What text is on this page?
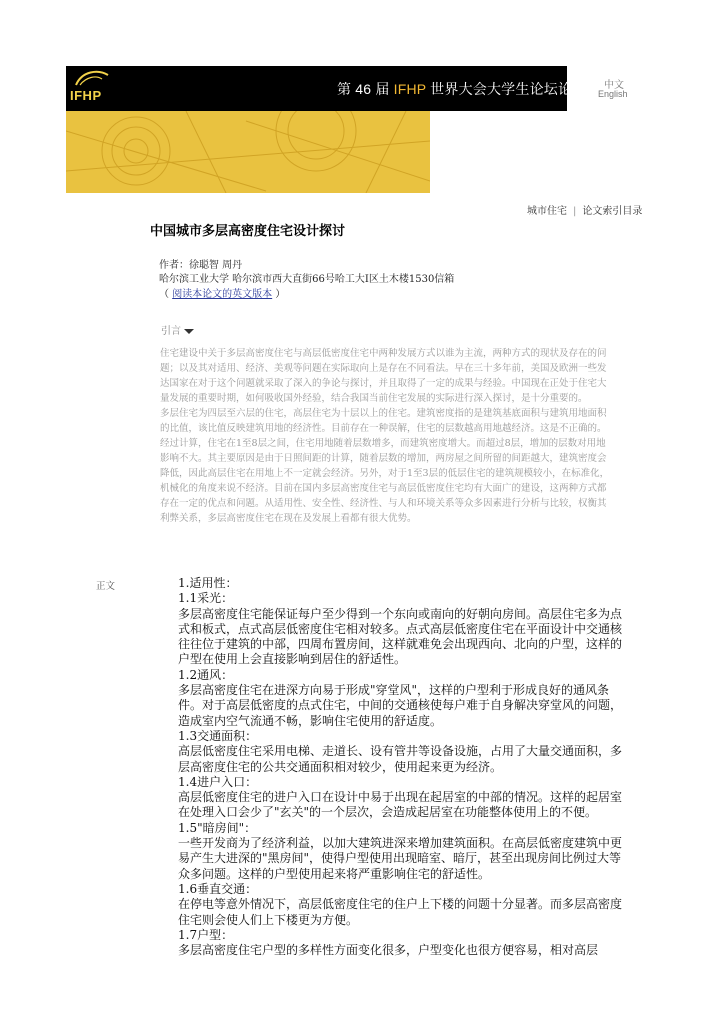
IFHP	第 46 届 IFHP 世界大会大学生论坛论文集 中文
English
城市住宅 | 论文索引目录
中国城市多层高密度住宅设计探讨
作者：徐聪智 周丹
哈尔滨工业大学 哈尔滨市西大直街66号哈工大Ⅰ区土木楼1530信箱
（ 阅读本论文的英文版本 ）
引言

住宅建设中关于多层高密度住宅与高层低密度住宅中两种发展方式以谁为主流，两种方式的现状及存在的问题；以及其对适用、经济、美观等问题在实际取向上是存在不同看法。早在三十多年前，美国及欧洲一些发达国家在对于这个问题就采取了深入的争论与探讨，并且取得了一定的成果与经验。中国现在正处于住宅大量发展的重要时期，如何吸收国外经验，结合我国当前住宅发展的实际进行深入探讨，是十分重要的。

多层住宅为四层至六层的住宅，高层住宅为十层以上的住宅。建筑密度指的是建筑基底面积与建筑用地面积的比值，该比值反映建筑用地的经济性。目前存在一种误解，住宅的层数越高用地越经济。这是不正确的。经过计算，住宅在1至8层之间，住宅用地随着层数增多，而建筑密度增大。而超过8层，增加的层数对用地影响不大。其主要原因是由于日照间距的计算，随着层数的增加，两房屋之间所留的间距越大，建筑密度会降低，因此高层住宅在用地上不一定就会经济。另外，对于1至3层的低层住宅的建筑规模较小，在标准化，机械化的角度来说不经济。目前在国内多层高密度住宅与高层低密度住宅均有大面广的建设，这两种方式都存在一定的优点和问题。从适用性、安全性、经济性、与人和环境关系等众多因素进行分析与比较，权衡其利弊关系，多层高密度住宅在现在及发展上看都有很大优势。

正文	1.适用性：
1.1采光：
多层高密度住宅能保证每户至少得到一个东向或南向的好朝向房间。高层住宅多为点式和板式，点式高层低密度住宅相对较多。点式高层低密度住宅在平面设计中交通核往往位于建筑的中部，四周布置房间，这样就难免会出现西向、北向的户型，这样的户型在使用上会直接影响到居住的舒适性。
1.2通风：
多层高密度住宅在进深方向易于形成"穿堂风"，这样的户型利于形成良好的通风条件。对于高层低密度的点式住宅，中间的交通核使每户难于自身解决穿堂风的问题，造成室内空气流通不畅，影响住宅使用的舒适度。
1.3交通面积：
高层低密度住宅采用电梯、走道长、设有管井等设备设施，占用了大量交通面积，多层高密度住宅的公共交通面积相对较少，使用起来更为经济。
1.4进户入口：
高层低密度住宅的进户入口在设计中易于出现在起居室的中部的情况。这样的起居室在处理入口会少了"玄关"的一个层次，会造成起居室在功能整体使用上的不便。
1.5"暗房间"：
一些开发商为了经济利益，以加大建筑进深来增加建筑面积。在高层低密度建筑中更易产生大进深的"黑房间"，使得户型使用出现暗室、暗厅，甚至出现房间比例过大等众多问题。这样的户型使用起来将严重影响住宅的舒适性。
1.6垂直交通：
在停电等意外情况下，高层低密度住宅的住户上下楼的问题十分显著。而多层高密度住宅则会使人们上下楼更为方便。
1.7户型：
多层高密度住宅户型的多样性方面变化很多，户型变化也很方便容易，相对高层
